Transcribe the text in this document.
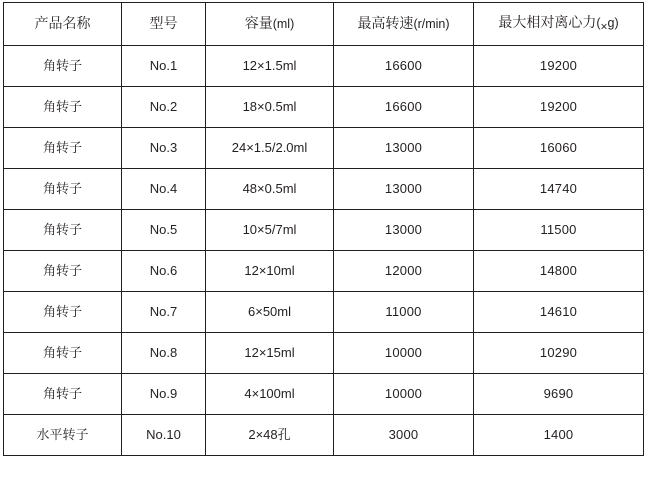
产品名称	型号	容量(ml)	最高转速(r/min)	最大相对离心力(×g)
角转子	No.1	12×1.5ml	16600	19200
角转子	No.2	18×0.5ml	16600	19200
角转子	No.3	24×1.5/2.0ml	13000	16060
角转子	No.4	48×0.5ml	13000	14740
角转子	No.5	10×5/7ml	13000	11500
角转子	No.6	12×10ml	12000	14800
角转子	No.7	6×50ml	11000	14610
角转子	No.8	12×15ml	10000	10290
角转子	No.9	4×100ml	10000	9690
水平转子	No.10	2×48孔	3000	1400
